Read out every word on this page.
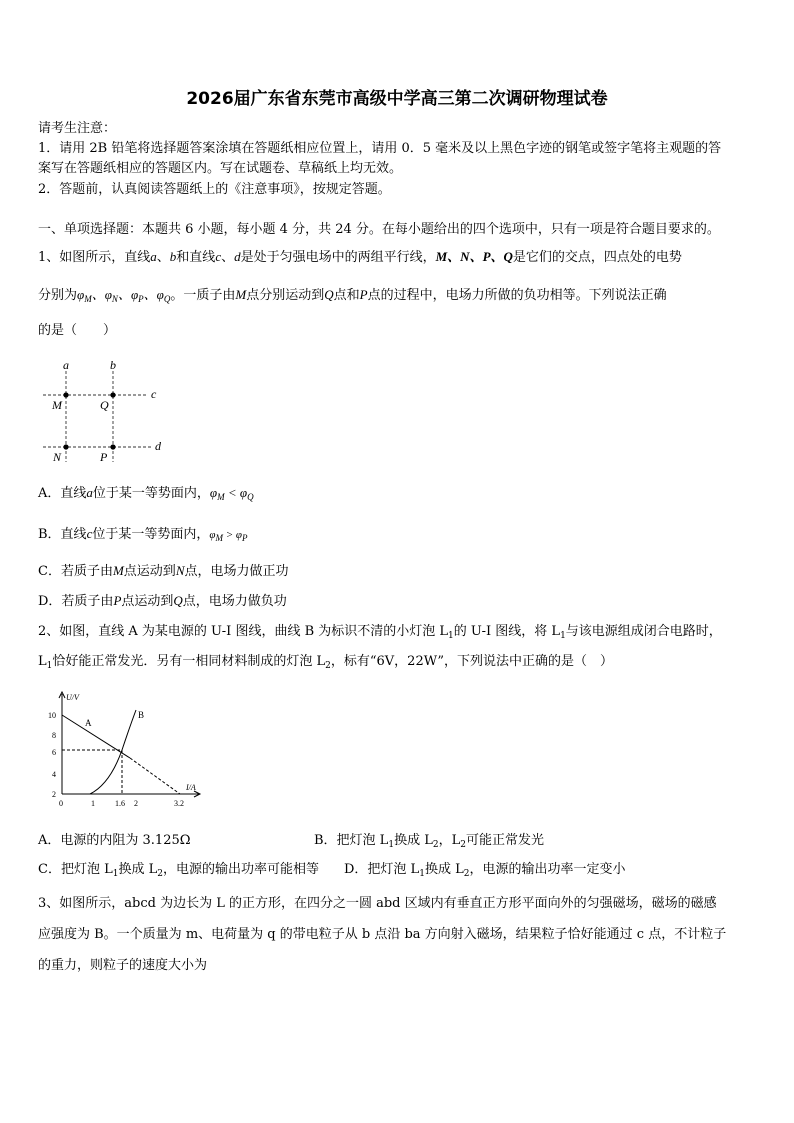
2026届广东省东莞市高级中学高三第二次调研物理试卷
请考生注意：
1．请用 2B 铅笔将选择题答案涂填在答题纸相应位置上，请用 0．5 毫米及以上黑色字迹的钢笔或签字笔将主观题的答
案写在答题纸相应的答题区内。写在试题卷、草稿纸上均无效。
2．答题前，认真阅读答题纸上的《注意事项》，按规定答题。
一、单项选择题：本题共 6 小题，每小题 4 分，共 24 分。在每小题给出的四个选项中，只有一项是符合题目要求的。
1、如图所示，直线a、b和直线c、d是处于匀强电场中的两组平行线，M、N、P、Q是它们的交点，四点处的电势
分别为$\varphi_M$、$\varphi_N$、$\varphi_P$、$\varphi_Q$。一质子由M点分别运动到Q点和P点的过程中，电场力所做的负功相等。下列说法正确
的是（　　）
a	b
c
d
M	Q
N	P
A．直线a位于某一等势面内，$\varphi_M < \varphi_Q$
B．直线c位于某一等势面内，$\varphi_M > \varphi_P$
C．若质子由M点运动到N点，电场力做正功
D．若质子由P点运动到Q点，电场力做负功
2、如图，直线 A 为某电源的 U-I 图线，曲线 B 为标识不清的小灯泡 $L_1$的 U-I 图线，将 $L_1$与该电源组成闭合电路时，
$L_1$恰好能正常发光．另有一相同材料制成的灯泡 $L_2$，标有“6V，22W”，下列说法中正确的是（　）
U/V
I/A
A
B
10
8
6
4
2
0	1	1.6 2	3.2
A．电源的内阻为 3.125Ω	B．把灯泡 $L_1$换成 $L_2$，$L_2$可能正常发光
C．把灯泡 $L_1$换成 $L_2$，电源的输出功率可能相等 D．把灯泡 $L_1$换成 $L_2$，电源的输出功率一定变小
3、如图所示，abcd 为边长为 L 的正方形，在四分之一圆 abd 区域内有垂直正方形平面向外的匀强磁场，磁场的磁感
应强度为 B。一个质量为 m、电荷量为 q 的带电粒子从 b 点沿 ba 方向射入磁场，结果粒子恰好能通过 c 点，不计粒子
的重力，则粒子的速度大小为
